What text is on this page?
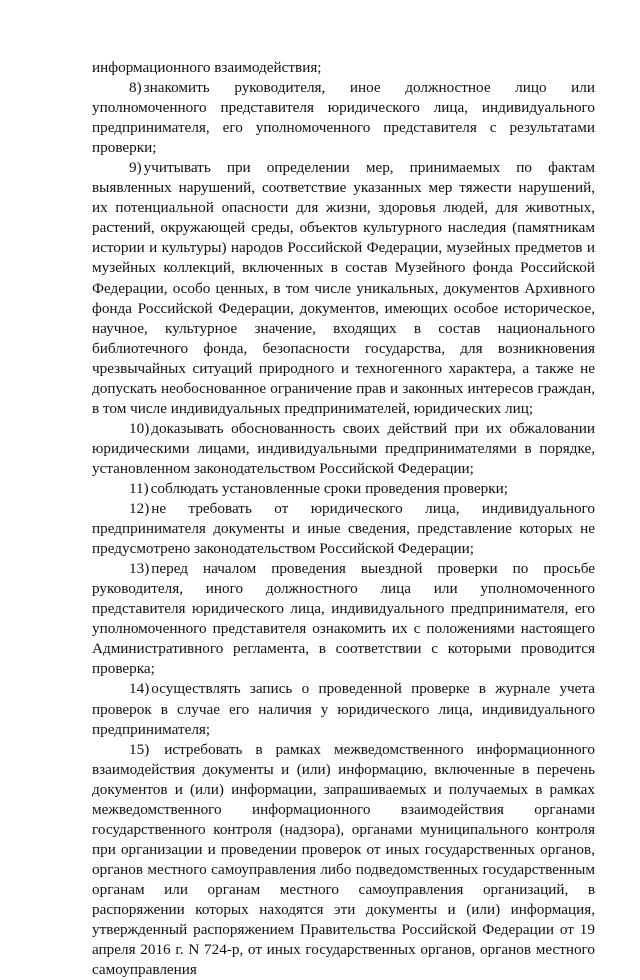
информационного взаимодействия;

8) знакомить руководителя, иное должностное лицо или уполномоченного представителя юридического лица, индивидуального предпринимателя, его уполномоченного представителя с результатами проверки;

9) учитывать при определении мер, принимаемых по фактам выявленных нарушений, соответствие указанных мер тяжести нарушений, их потенциальной опасности для жизни, здоровья людей, для животных, растений, окружающей среды, объектов культурного наследия (памятникам истории и культуры) народов Российской Федерации, музейных предметов и музейных коллекций, включенных в состав Музейного фонда Российской Федерации, особо ценных, в том числе уникальных, документов Архивного фонда Российской Федерации, документов, имеющих особое историческое, научное, культурное значение, входящих в состав национального библиотечного фонда, безопасности государства, для возникновения чрезвычайных ситуаций природного и техногенного характера, а также не допускать необоснованное ограничение прав и законных интересов граждан, в том числе индивидуальных предпринимателей, юридических лиц;

10) доказывать обоснованность своих действий при их обжаловании юридическими лицами, индивидуальными предпринимателями в порядке, установленном законодательством Российской Федерации;

11) соблюдать установленные сроки проведения проверки;

12) не требовать от юридического лица, индивидуального предпринимателя документы и иные сведения, представление которых не предусмотрено законодательством Российской Федерации;

13) перед началом проведения выездной проверки по просьбе руководителя, иного должностного лица или уполномоченного представителя юридического лица, индивидуального предпринимателя, его уполномоченного представителя ознакомить их с положениями настоящего Административного регламента, в соответствии с которыми проводится проверка;

14) осуществлять запись о проведенной проверке в журнале учета проверок в случае его наличия у юридического лица, индивидуального предпринимателя;

15) истребовать в рамках межведомственного информационного взаимодействия документы и (или) информацию, включенные в перечень документов и (или) информации, запрашиваемых и получаемых в рамках межведомственного информационного взаимодействия органами государственного контроля (надзора), органами муниципального контроля при организации и проведении проверок от иных государственных органов, органов местного самоуправления либо подведомственных государственным органам или органам местного самоуправления организаций, в распоряжении которых находятся эти документы и (или) информация, утвержденный распоряжением Правительства Российской Федерации от 19 апреля 2016 г. N 724-р, от иных государственных органов, органов местного самоуправления
